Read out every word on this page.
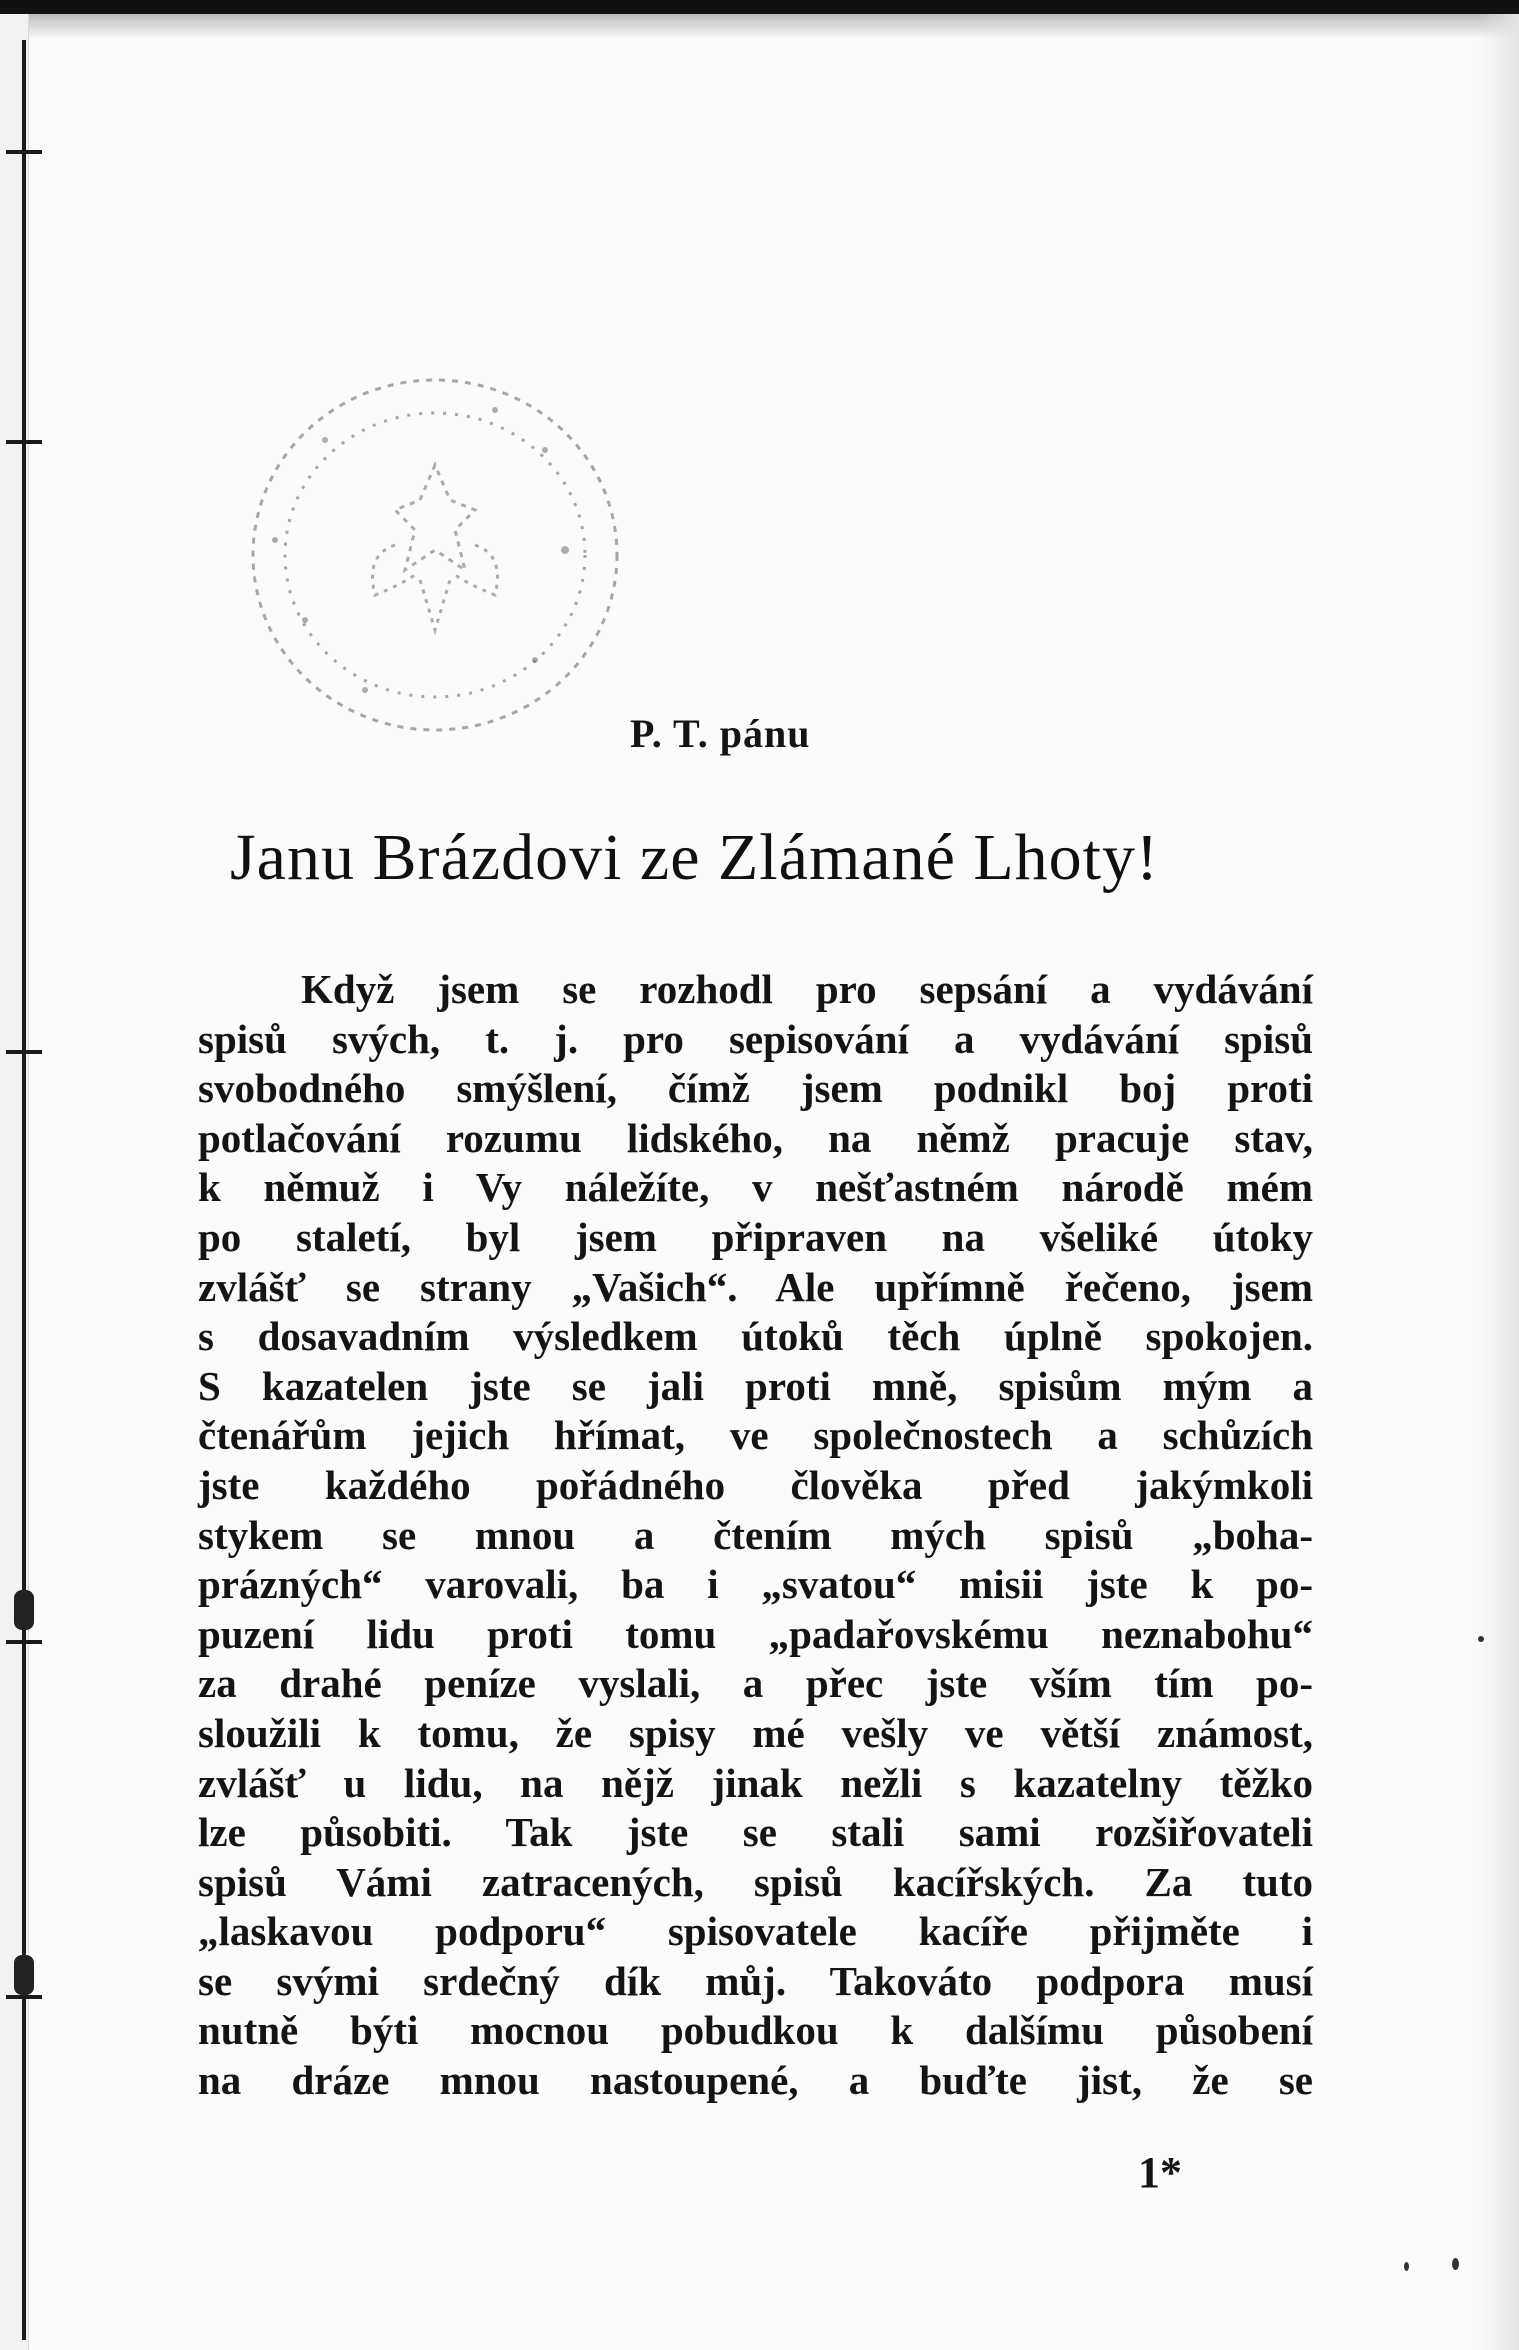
P. T. pánu
Janu Brázdovi ze Zlámané Lhoty!
Když jsem se rozhodl pro sepsání a vydávání
spisů svých, t. j. pro sepisování a vydávání spisů
svobodného smýšlení, čímž jsem podnikl boj proti
potlačování rozumu lidského, na němž pracuje stav,
k němuž i Vy náležíte, v nešťastném národě mém
po staletí, byl jsem připraven na všeliké útoky
zvlášť se strany „Vašich“. Ale upřímně řečeno, jsem
s dosavadním výsledkem útoků těch úplně spokojen.
S kazatelen jste se jali proti mně, spisům mým a
čtenářům jejich hřímat, ve společnostech a schůzích
jste každého pořádného člověka před jakýmkoli
stykem se mnou a čtením mých spisů „boha-
prázných“ varovali, ba i „svatou“ misii jste k po-
puzení lidu proti tomu „padařovskému neznabohu“
za drahé peníze vyslali, a přec jste vším tím po-
sloužili k tomu, že spisy mé vešly ve větší známost,
zvlášť u lidu, na nějž jinak nežli s kazatelny těžko
lze působiti. Tak jste se stali sami rozšiřovateli
spisů Vámi zatracených, spisů kacířských. Za tuto
„laskavou podporu“ spisovatele kacíře přijměte i
se svými srdečný dík můj. Takováto podpora musí
nutně býti mocnou pobudkou k dalšímu působení
na dráze mnou nastoupené, a buďte jist, že se
1*
